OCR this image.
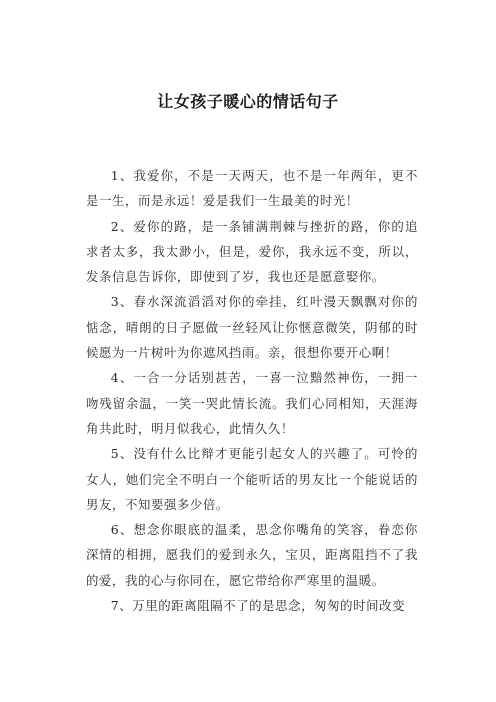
让女孩子暖心的情话句子

1、我爱你，不是一天两天，也不是一年两年，更不是一生，而是永远！爱是我们一生最美的时光！

2、爱你的路，是一条铺满荆棘与挫折的路，你的追求者太多，我太渺小，但是，爱你，我永远不变，所以，发条信息告诉你，即使到了岁，我也还是愿意娶你。

3、春水深流滔滔对你的牵挂，红叶漫天飘飘对你的惦念，晴朗的日子愿做一丝轻风让你惬意微笑，阴郁的时候愿为一片树叶为你遮风挡雨。亲，很想你要开心啊！

4、一合一分话别甚苦，一喜一泣黯然神伤，一拥一吻残留余温，一笑一哭此情长流。我们心同相知，天涯海角共此时，明月似我心，此情久久！

5、没有什么比辩才更能引起女人的兴趣了。可怜的女人，她们完全不明白一个能听话的男友比一个能说话的男友，不知要强多少倍。

6、想念你眼底的温柔，思念你嘴角的笑容，眷恋你深情的相拥，愿我们的爱到永久，宝贝，距离阻挡不了我的爱，我的心与你同在，愿它带给你严寒里的温暖。

7、万里的距离阻隔不了的是思念，匆匆的时间改变
